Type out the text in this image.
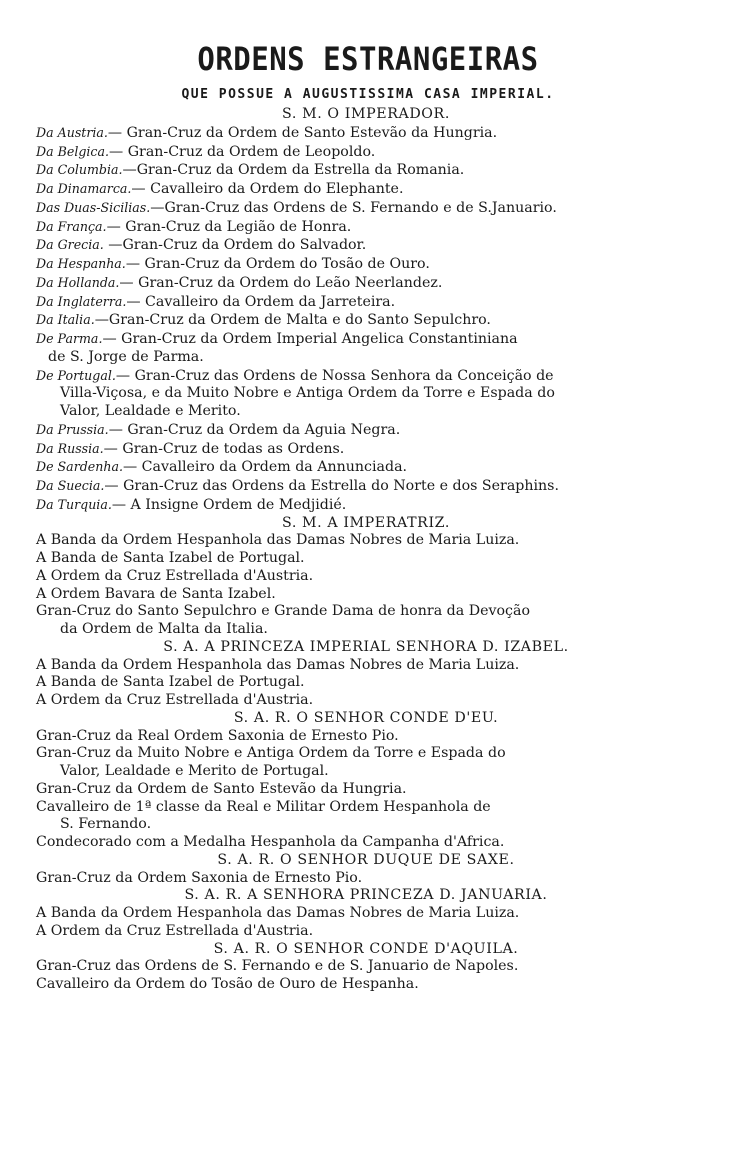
ORDENS ESTRANGEIRAS
QUE POSSUE A AUGUSTISSIMA CASA IMPERIAL.
S. M. O IMPERADOR.
Da Austria.— Gran-Cruz da Ordem de Santo Estevão da Hungria.
Da Belgica.— Gran-Cruz da Ordem de Leopoldo.
Da Columbia.—Gran-Cruz da Ordem da Estrella da Romania.
Da Dinamarca.— Cavalleiro da Ordem do Elephante.
Das Duas-Sicilias.—Gran-Cruz das Ordens de S. Fernando e de S.Januario.
Da França.— Gran-Cruz da Legião de Honra.
Da Grecia. —Gran-Cruz da Ordem do Salvador.
Da Hespanha.— Gran-Cruz da Ordem do Tosão de Ouro.
Da Hollanda.— Gran-Cruz da Ordem do Leão Neerlandez.
Da Inglaterra.— Cavalleiro da Ordem da Jarreteira.
Da Italia.—Gran-Cruz da Ordem de Malta e do Santo Sepulchro.
De Parma.— Gran-Cruz da Ordem Imperial Angelica Constantiniana
de S. Jorge de Parma.
De Portugal.— Gran-Cruz das Ordens de Nossa Senhora da Conceição de
Villa-Viçosa, e da Muito Nobre e Antiga Ordem da Torre e Espada do
Valor, Lealdade e Merito.
Da Prussia.— Gran-Cruz da Ordem da Aguia Negra.
Da Russia.— Gran-Cruz de todas as Ordens.
De Sardenha.— Cavalleiro da Ordem da Annunciada.
Da Suecia.— Gran-Cruz das Ordens da Estrella do Norte e dos Seraphins.
Da Turquia.— A Insigne Ordem de Medjidié.
S. M. A IMPERATRIZ.
A Banda da Ordem Hespanhola das Damas Nobres de Maria Luiza.
A Banda de Santa Izabel de Portugal.
A Ordem da Cruz Estrellada d'Austria.
A Ordem Bavara de Santa Izabel.
Gran-Cruz do Santo Sepulchro e Grande Dama de honra da Devoção
da Ordem de Malta da Italia.
S. A. A PRINCEZA IMPERIAL SENHORA D. IZABEL.
A Banda da Ordem Hespanhola das Damas Nobres de Maria Luiza.
A Banda de Santa Izabel de Portugal.
A Ordem da Cruz Estrellada d'Austria.
S. A. R. O SENHOR CONDE D'EU.
Gran-Cruz da Real Ordem Saxonia de Ernesto Pio.
Gran-Cruz da Muito Nobre e Antiga Ordem da Torre e Espada do
Valor, Lealdade e Merito de Portugal.
Gran-Cruz da Ordem de Santo Estevão da Hungria.
Cavalleiro de 1ª classe da Real e Militar Ordem Hespanhola de
S. Fernando.
Condecorado com a Medalha Hespanhola da Campanha d'Africa.
S. A. R. O SENHOR DUQUE DE SAXE.
Gran-Cruz da Ordem Saxonia de Ernesto Pio.
S. A. R. A SENHORA PRINCEZA D. JANUARIA.
A Banda da Ordem Hespanhola das Damas Nobres de Maria Luiza.
A Ordem da Cruz Estrellada d'Austria.
S. A. R. O SENHOR CONDE D'AQUILA.
Gran-Cruz das Ordens de S. Fernando e de S. Januario de Napoles.
Cavalleiro da Ordem do Tosão de Ouro de Hespanha.
